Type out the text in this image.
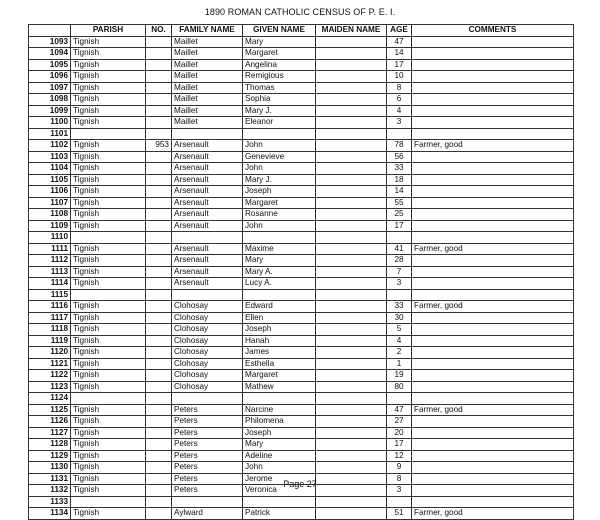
1890 ROMAN CATHOLIC CENSUS OF P. E. I.
	PARISH	NO.	FAMILY NAME	GIVEN NAME	MAIDEN NAME	AGE	COMMENTS
1093	Tignish		Maillet	Mary		47	
1094	Tignish		Maillet	Margaret		14	
1095	Tignish		Maillet	Angelina		17	
1096	Tignish		Maillet	Remigious		10	
1097	Tignish		Maillet	Thomas		8	
1098	Tignish		Maillet	Sophia		6	
1099	Tignish		Maillet	Mary J.		4	
1100	Tignish		Maillet	Eleanor		3	
1101							
1102	Tignish	953	Arsenault	John		78	Farmer, good
1103	Tignish		Arsenault	Genevieve		56	
1104	Tignish		Arsenault	John		33	
1105	Tignish		Arsenault	Mary J.		18	
1106	Tignish		Arsenault	Joseph		14	
1107	Tignish		Arsenault	Margaret		55	
1108	Tignish		Arsenault	Rosanne		25	
1109	Tignish		Arsenault	John		17	
1110							
1111	Tignish		Arsenault	Maxime		41	Farmer, good
1112	Tignish		Arsenault	Mary		28	
1113	Tignish		Arsenault	Mary A.		7	
1114	Tignish		Arsenault	Lucy A.		3	
1115							
1116	Tignish		Clohosay	Edward		33	Farmer, good
1117	Tignish		Clohosay	Ellen		30	
1118	Tignish		Clohosay	Joseph		5	
1119	Tignish		Clohosay	Hanah		4	
1120	Tignish		Clohosay	James		2	
1121	Tignish		Clohosay	Esthella		1	
1122	Tignish		Clohosay	Margaret		19	
1123	Tignish		Clohosay	Mathew		80	
1124							
1125	Tignish		Peters	Narcine		47	Farmer, good
1126	Tignish		Peters	Philomena		27	
1127	Tignish		Peters	Joseph		20	
1128	Tignish		Peters	Mary		17	
1129	Tignish		Peters	Adeline		12	
1130	Tignish		Peters	John		9	
1131	Tignish		Peters	Jerome		8	
1132	Tignish		Peters	Veronica		3	
1133							
1134	Tignish		Aylward	Patrick		51	Farmer, good
Page 27
